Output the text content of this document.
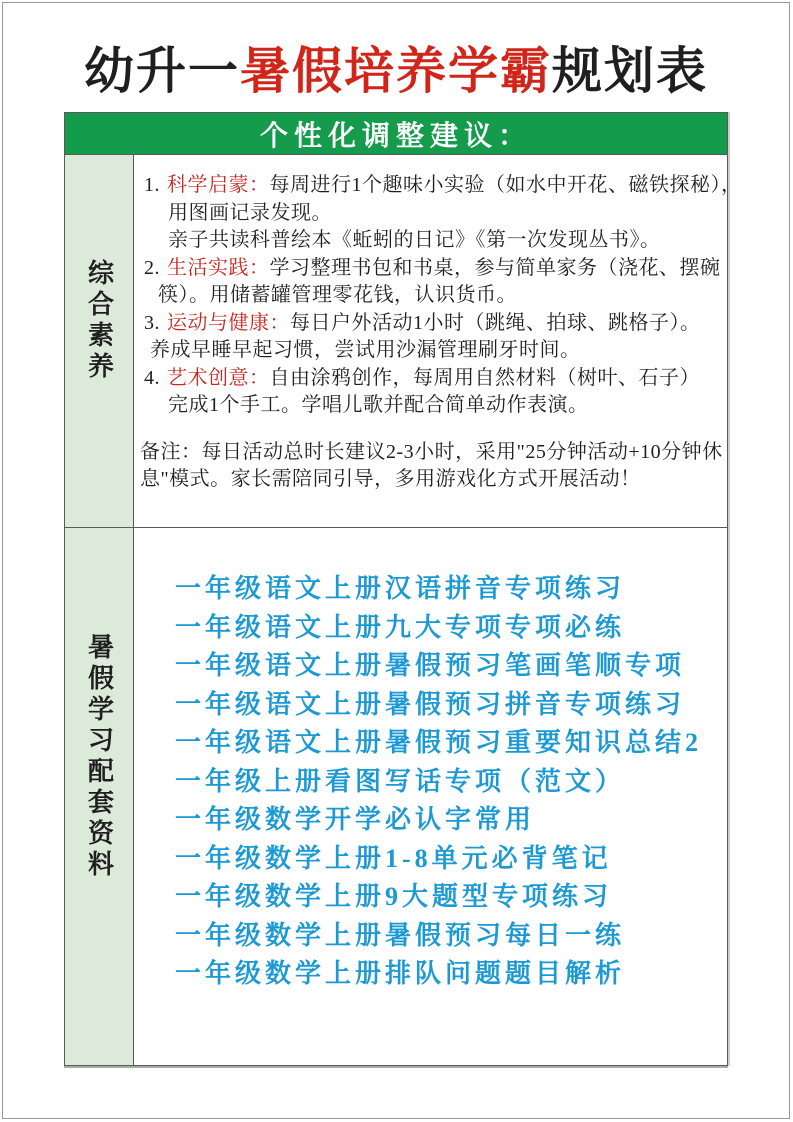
幼升一暑假培养学霸规划表
个性化调整建议：
综合素养
1. 科学启蒙：每周进行1个趣味小实验（如水中开花、磁铁探秘），
用图画记录发现。
亲子共读科普绘本《蚯蚓的日记》《第一次发现丛书》。
2. 生活实践：学习整理书包和书桌，参与简单家务（浇花、摆碗
筷）。用储蓄罐管理零花钱，认识货币。
3. 运动与健康：每日户外活动1小时（跳绳、拍球、跳格子）。
养成早睡早起习惯，尝试用沙漏管理刷牙时间。
4. 艺术创意：自由涂鸦创作，每周用自然材料（树叶、石子）
完成1个手工。学唱儿歌并配合简单动作表演。
备注：每日活动总时长建议2-3小时，采用"25分钟活动+10分钟休
息"模式。家长需陪同引导，多用游戏化方式开展活动！
暑假学习配套资料
一年级语文上册汉语拼音专项练习
一年级语文上册九大专项专项必练
一年级语文上册暑假预习笔画笔顺专项
一年级语文上册暑假预习拼音专项练习
一年级语文上册暑假预习重要知识总结2
一年级上册看图写话专项（范文）
一年级数学开学必认字常用
一年级数学上册1-8单元必背笔记
一年级数学上册9大题型专项练习
一年级数学上册暑假预习每日一练
一年级数学上册排队问题题目解析
